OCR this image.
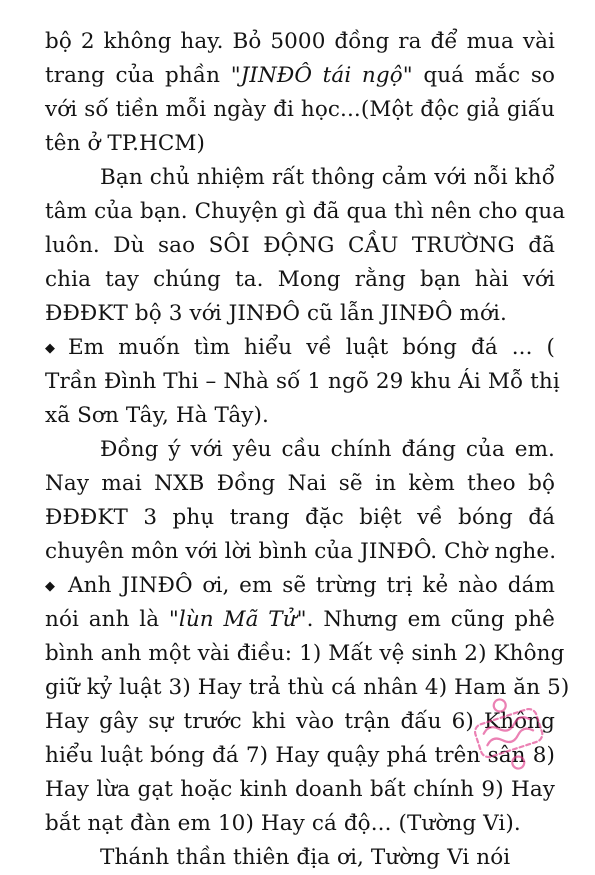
bộ 2 không hay. Bỏ 5000 đồng ra để mua vài
trang của phần "JINĐÔ tái ngộ" quá mắc so
với số tiền mỗi ngày đi học...(Một độc giả giấu
tên ở TP.HCM)
Bạn chủ nhiệm rất thông cảm với nỗi khổ
tâm của bạn. Chuyện gì đã qua thì nên cho qua
luôn. Dù sao SÔI ĐỘNG CẦU TRƯỜNG đã
chia tay chúng ta. Mong rằng bạn hài với
ĐĐĐKT bộ 3 với JINĐÔ cũ lẫn JINĐÔ mới.
◆ Em muốn tìm hiểu về luật bóng đá ... (
Trần Đình Thi – Nhà số 1 ngõ 29 khu Ái Mỗ thị
xã Sơn Tây, Hà Tây).
Đồng ý với yêu cầu chính đáng của em.
Nay mai NXB Đồng Nai sẽ in kèm theo bộ
ĐĐĐKT 3 phụ trang đặc biệt về bóng đá
chuyên môn với lời bình của JINĐÔ. Chờ nghe.
◆ Anh JINĐÔ ơi, em sẽ trừng trị kẻ nào dám
nói anh là "lùn Mã Tử". Nhưng em cũng phê
bình anh một vài điều: 1) Mất vệ sinh 2) Không
giữ kỷ luật 3) Hay trả thù cá nhân 4) Ham ăn 5)
Hay gây sự trước khi vào trận đấu 6) Không
hiểu luật bóng đá 7) Hay quậy phá trên sân 8)
Hay lừa gạt hoặc kinh doanh bất chính 9) Hay
bắt nạt đàn em 10) Hay cá độ... (Tường Vi).
Thánh thần thiên địa ơi, Tường Vi nói
